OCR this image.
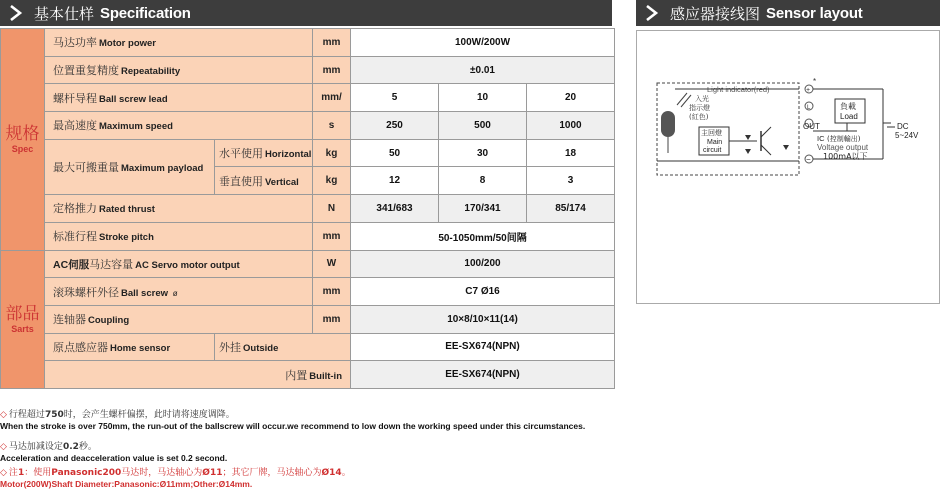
基本仕样 Specification	感应器接线图 Sensor layout
规格
Spec	马达功率 Motor power		mm	100W/200W		
	位置重复精度 Repeatability		mm	±0.01		
	螺杆导程 Ball screw lead		mm/	5	10	20
	最高速度 Maximum speed		s	250	500	1000
	最大可搬重量 Maximum payload	水平使用 Horizontal	kg	50	30	18
		垂直使用 Vertical	kg	12	8	3
	定格推力 Rated thrust		N	341/683	170/341	85/174
	标准行程 Stroke pitch		mm	50-1050mm/50间隔		

部品
Sarts	AC伺服马达容量 AC Servo motor output		W	100/200		
	滚珠螺杆外径 Ball screw ø		mm	C7 Ø16		
	连轴器 Coupling		mm	10×8/10×11(14)		
	原点感应器 Home sensor	外挂 Outside		EE-SX674(NPN)		
	内置 Built-in			EE-SX674(NPN)		
◇ 行程超过750时，会产生螺杆偏摆，此时请将速度调降。
When the stroke is over 750mm, the run-out of the ballscrew will occur.we recommend to low down the working speed under this circumstances.
◇ 马达加减设定0.2秒。
Acceleration and deacceleration value is set 0.2 second.
◇ 注1：使用Panasonic200马达时，马达轴心为Ø11；其它厂牌，马达轴心为Ø14。
Motor(200W)Shaft Diameter:Panasonic:Ø11mm;Other:Ø14mm.
Light indicator(red)
入光
指示燈
(紅色)
主回燈
Main
circuit
+
L
−
*
負載
Load
OUT
IC (控制輸出)
Voltage output
100mA以下
DC
5~24V
